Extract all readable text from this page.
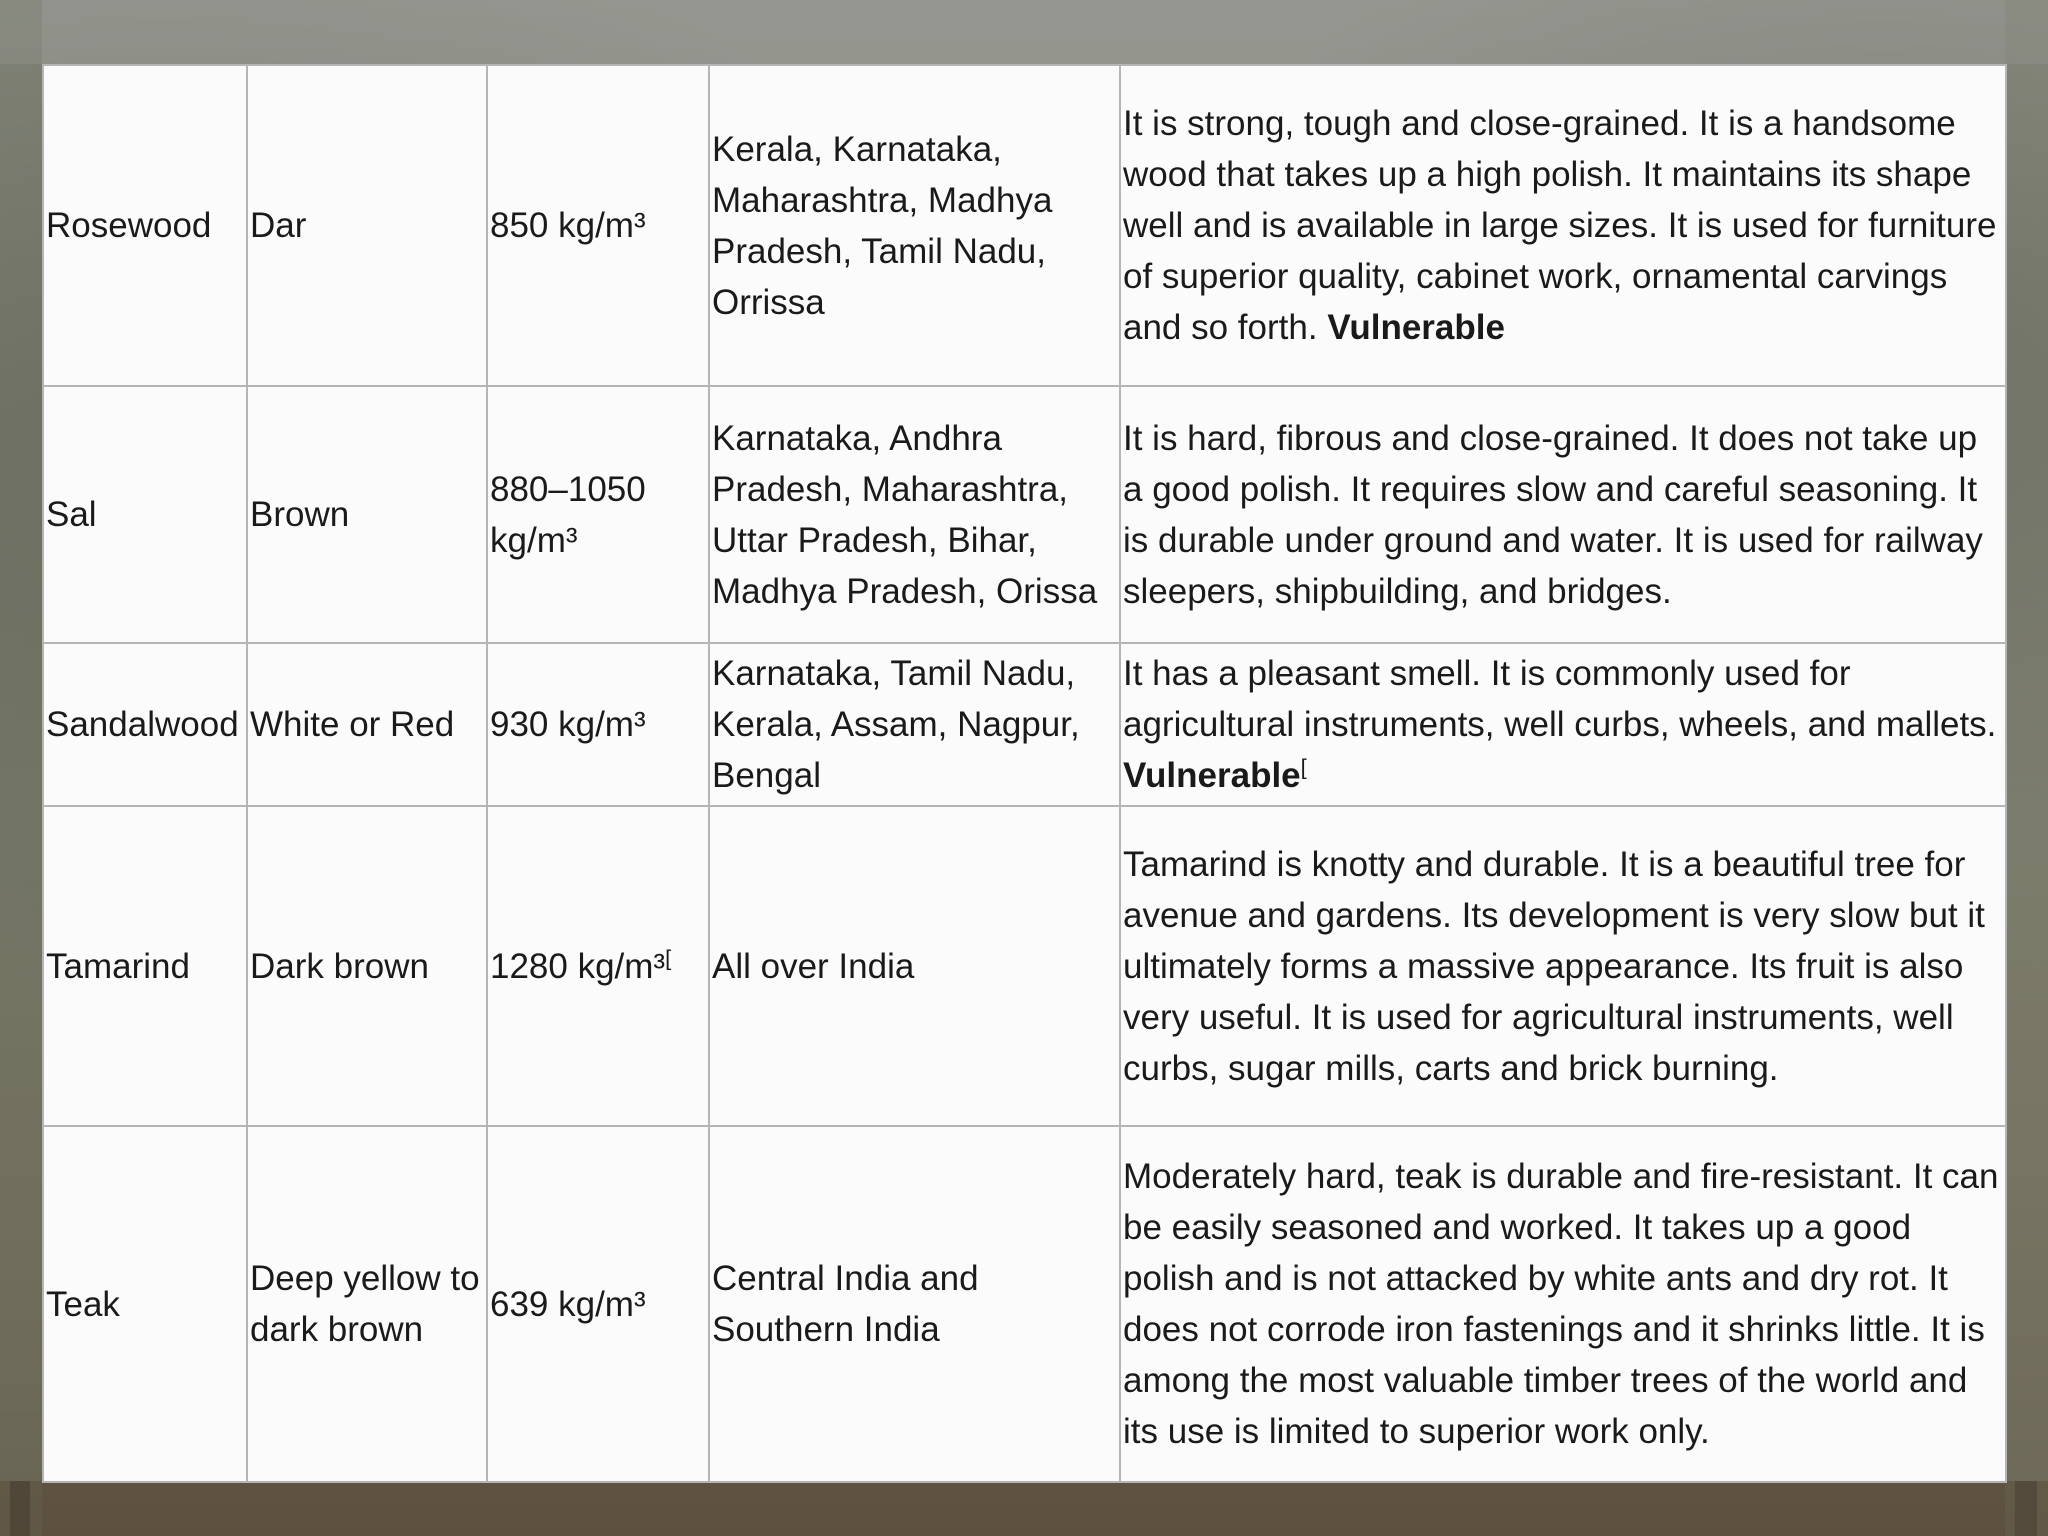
Rosewood	Dar	850 kg/m³	Kerala, Karnataka, Maharashtra, Madhya Pradesh, Tamil Nadu, Orrissa	It is strong, tough and close-grained. It is a handsome wood that takes up a high polish. It maintains its shape well and is available in large sizes. It is used for furniture of superior quality, cabinet work, ornamental carvings and so forth. Vulnerable
Sal	Brown	880–1050 kg/m³	Karnataka, Andhra Pradesh, Maharashtra, Uttar Pradesh, Bihar, Madhya Pradesh, Orissa	It is hard, fibrous and close-grained. It does not take up a good polish. It requires slow and careful seasoning. It is durable under ground and water. It is used for railway sleepers, shipbuilding, and bridges.
Sandalwood	White or Red	930 kg/m³	Karnataka, Tamil Nadu, Kerala, Assam, Nagpur, Bengal	It has a pleasant smell. It is commonly used for agricultural instruments, well curbs, wheels, and mallets. Vulnerable[
Tamarind	Dark brown	1280 kg/m³[	All over India	Tamarind is knotty and durable. It is a beautiful tree for avenue and gardens. Its development is very slow but it ultimately forms a massive appearance. Its fruit is also very useful. It is used for agricultural instruments, well curbs, sugar mills, carts and brick burning.
Teak	Deep yellow to dark brown	639 kg/m³	Central India and Southern India	Moderately hard, teak is durable and fire-resistant. It can be easily seasoned and worked. It takes up a good polish and is not attacked by white ants and dry rot. It does not corrode iron fastenings and it shrinks little. It is among the most valuable timber trees of the world and its use is limited to superior work only.
